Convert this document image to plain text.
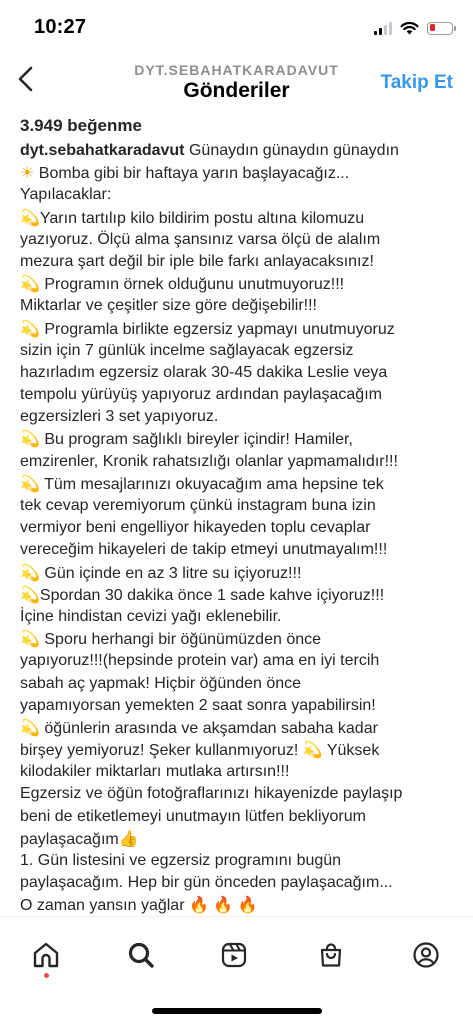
10:27
DYT.SEBAHATKARADAVUT
Gönderiler	Takip Et
3.949 beğenme
dyt.sebahatkaradavut Günaydın günaydın günaydın
☀ Bomba gibi bir haftaya yarın başlayacağız...
Yapılacaklar:
💫Yarın tartılıp kilo bildirim postu altına kilomuzu
yazıyoruz. Ölçü alma şansınız varsa ölçü de alalım
mezura şart değil bir iple bile farkı anlayacaksınız!
💫 Programın örnek olduğunu unutmuyoruz!!!
Miktarlar ve çeşitler size göre değişebilir!!!
💫 Programla birlikte egzersiz yapmayı unutmuyoruz
sizin için 7 günlük incelme sağlayacak egzersiz
hazırladım egzersiz olarak 30-45 dakika Leslie veya
tempolu yürüyüş yapıyoruz ardından paylaşacağım
egzersizleri 3 set yapıyoruz.
💫 Bu program sağlıklı bireyler içindir! Hamiler,
emzirenler, Kronik rahatsızlığı olanlar yapmamalıdır!!!
💫 Tüm mesajlarınızı okuyacağım ama hepsine tek
tek cevap veremiyorum çünkü instagram buna izin
vermiyor beni engelliyor hikayeden toplu cevaplar
vereceğim hikayeleri de takip etmeyi unutmayalım!!!
💫 Gün içinde en az 3 litre su içiyoruz!!!
💫Spordan 30 dakika önce 1 sade kahve içiyoruz!!!
İçine hindistan cevizi yağı eklenebilir.
💫 Sporu herhangi bir öğünümüzden önce
yapıyoruz!!!(hepsinde protein var) ama en iyi tercih
sabah aç yapmak! Hiçbir öğünden önce
yapamıyorsan yemekten 2 saat sonra yapabilirsin!
💫 öğünlerin arasında ve akşamdan sabaha kadar
birşey yemiyoruz! Şeker kullanmıyoruz! 💫 Yüksek
kilodakiler miktarları mutlaka artırsın!!!
Egzersiz ve öğün fotoğraflarınızı hikayenizde paylaşıp
beni de etiketlemeyi unutmayın lütfen bekliyorum
paylaşacağım👍
1. Gün listesini ve egzersiz programını bugün
paylaşacağım. Hep bir gün önceden paylaşacağım...
O zaman yansın yağlar 🔥 🔥 🔥
